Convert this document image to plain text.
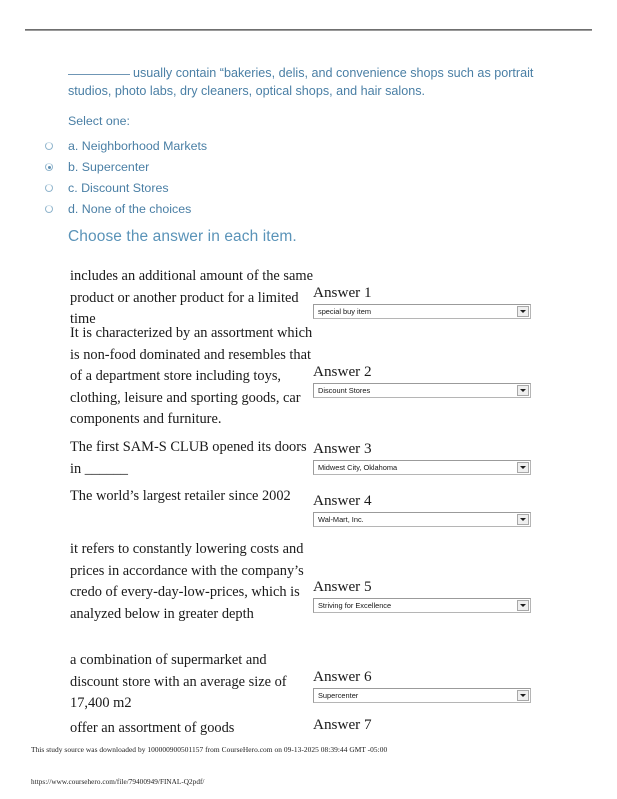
usually contain “bakeries, delis, and convenience shops such as portrait studios, photo labs, dry cleaners, optical shops, and hair salons.

Select one:
a. Neighborhood Markets
b. Supercenter
c. Discount Stores
d. None of the choices
Choose the answer in each item.
includes an additional amount of the same product or another product for a limited time
Answer 1
special buy item
It is characterized by an assortment which is non-food dominated and resembles that of a department store including toys, clothing, leisure and sporting goods, car components and furniture.
Answer 2
Discount Stores
The first SAM-S CLUB opened its doors in ______
Answer 3
Midwest City, Oklahoma
The world’s largest retailer since 2002	Answer 4
Wal-Mart, Inc.
it refers to constantly lowering costs and prices in accordance with the company’s credo of every-day-low-prices, which is analyzed below in greater depth
Answer 5
Striving for Excellence
a combination of supermarket and discount store with an average size of 17,400 m2
Answer 6
Supercenter
offer an assortment of goods	Answer 7
This study source was downloaded by 100000900501157 from CourseHero.com on 09-13-2025 08:39:44 GMT -05:00
https://www.coursehero.com/file/79400949/FINAL-Q2pdf/
